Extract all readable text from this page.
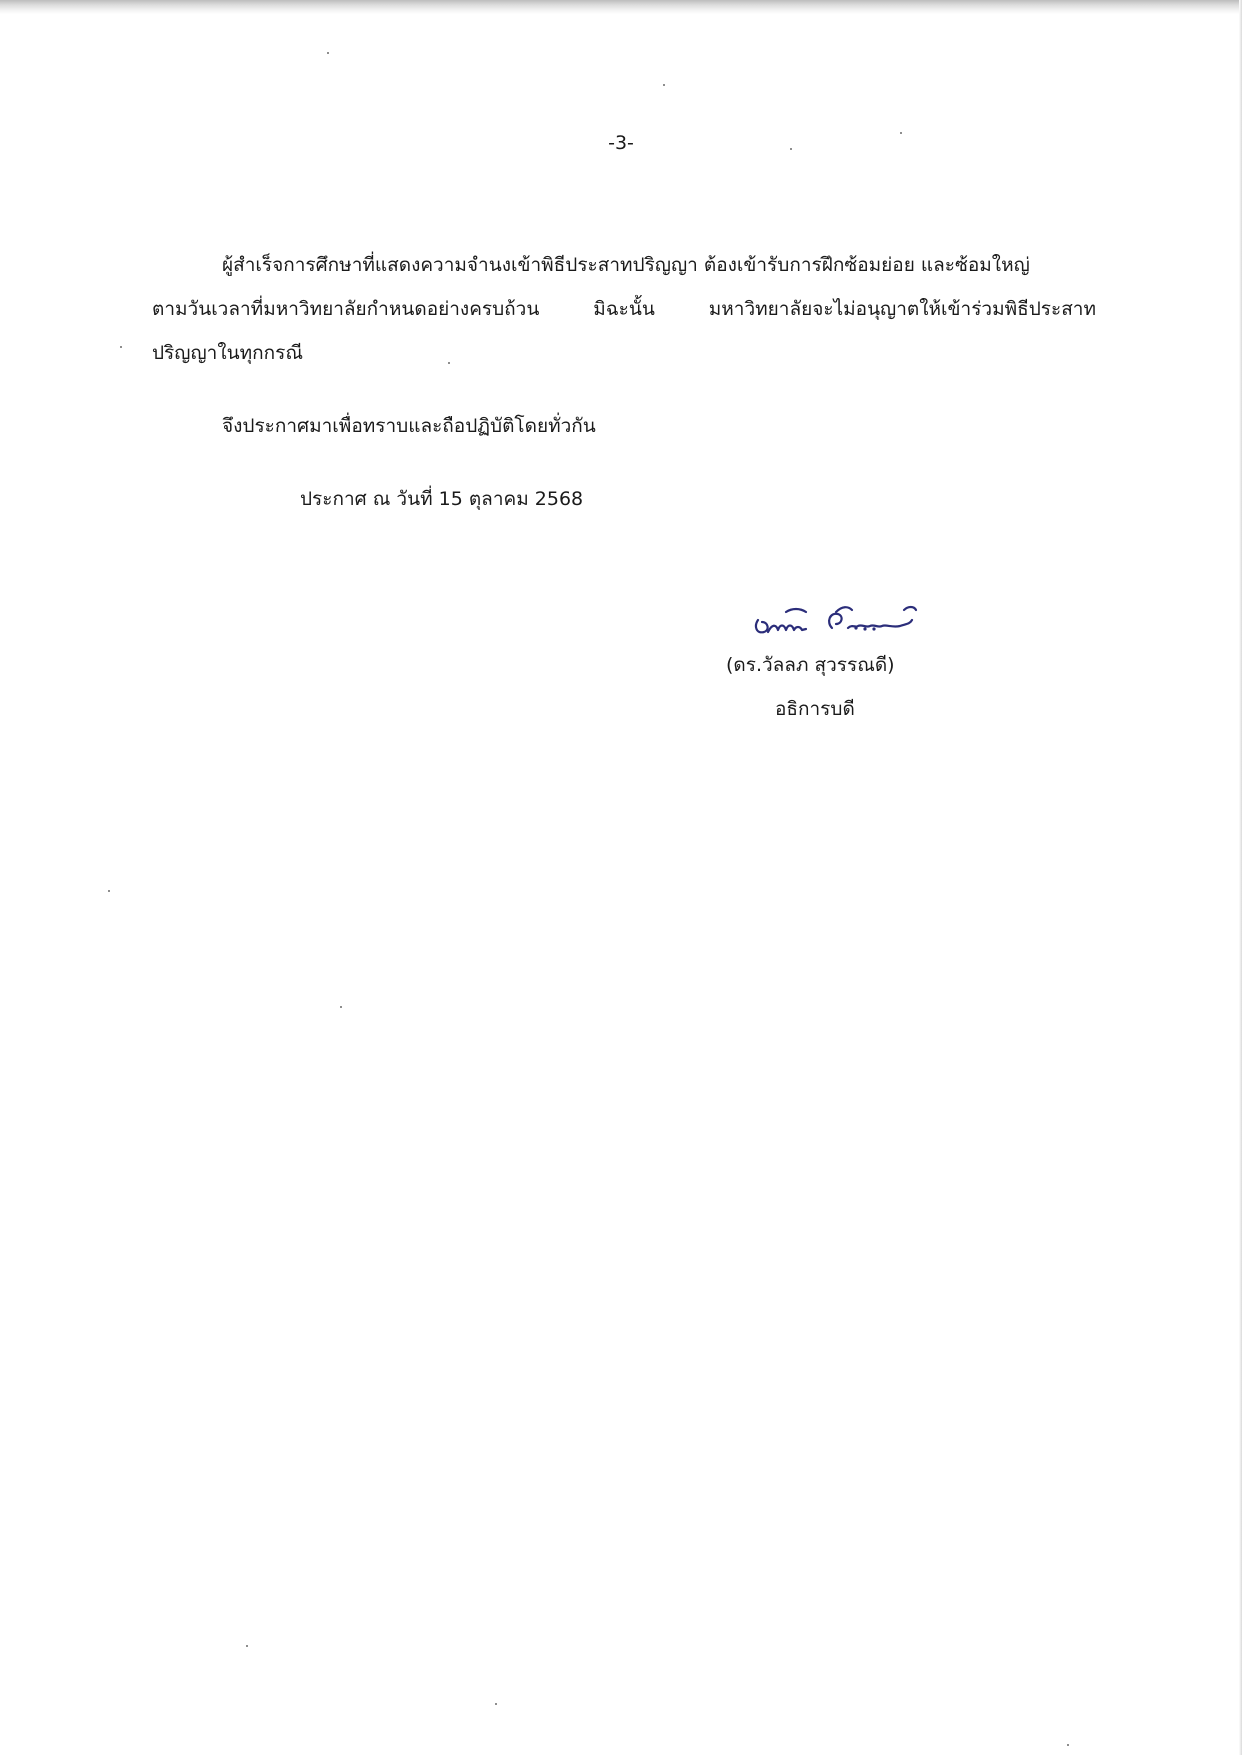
-3-
ผู้สำเร็จการศึกษาที่แสดงความจำนงเข้าพิธีประสาทปริญญา ต้องเข้ารับการฝึกซ้อมย่อย และซ้อมใหญ่
ตามวันเวลาที่มหาวิทยาลัยกำหนดอย่างครบถ้วน	มิฉะนั้น	มหาวิทยาลัยจะไม่อนุญาตให้เข้าร่วมพิธีประสาท
ปริญญาในทุกกรณี
จึงประกาศมาเพื่อทราบและถือปฏิบัติโดยทั่วกัน
ประกาศ ณ วันที่ 15 ตุลาคม 2568
(ดร.วัลลภ สุวรรณดี)
อธิการบดี
